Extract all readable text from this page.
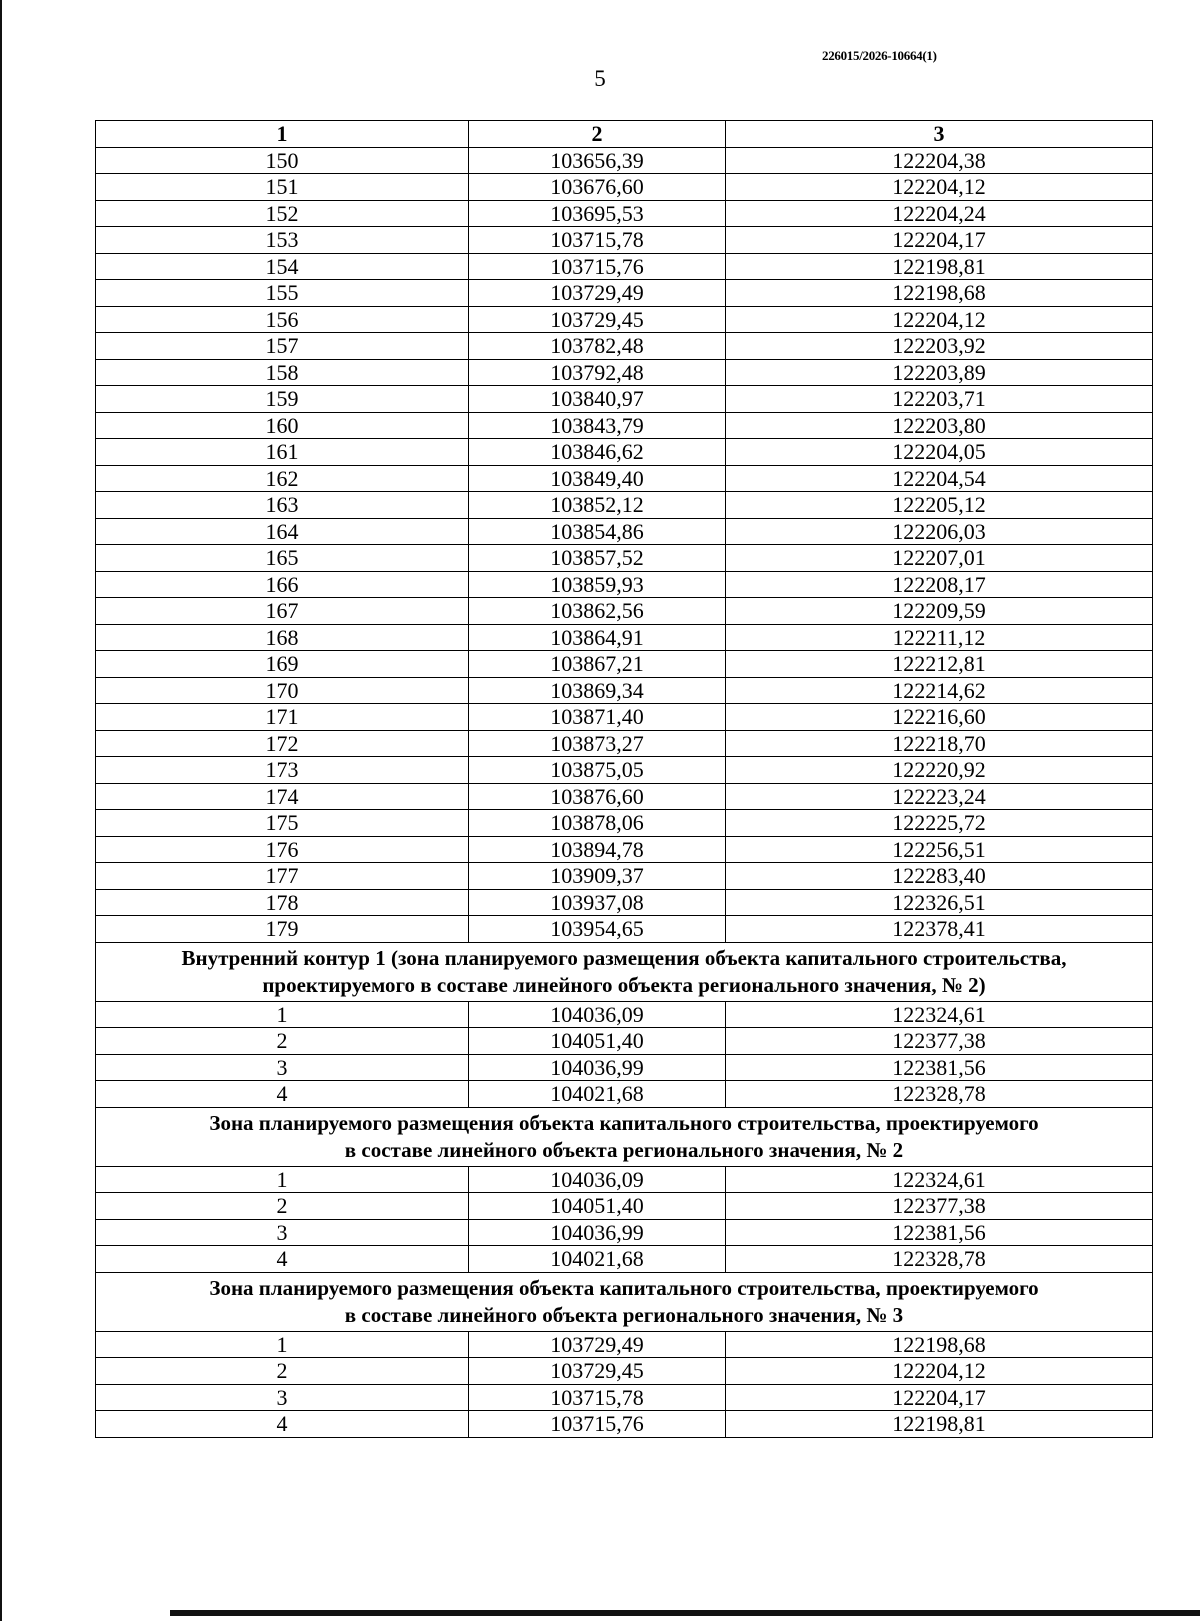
226015/2026-10664(1)
5
1	2	3
150	103656,39	122204,38
151	103676,60	122204,12
152	103695,53	122204,24
153	103715,78	122204,17
154	103715,76	122198,81
155	103729,49	122198,68
156	103729,45	122204,12
157	103782,48	122203,92
158	103792,48	122203,89
159	103840,97	122203,71
160	103843,79	122203,80
161	103846,62	122204,05
162	103849,40	122204,54
163	103852,12	122205,12
164	103854,86	122206,03
165	103857,52	122207,01
166	103859,93	122208,17
167	103862,56	122209,59
168	103864,91	122211,12
169	103867,21	122212,81
170	103869,34	122214,62
171	103871,40	122216,60
172	103873,27	122218,70
173	103875,05	122220,92
174	103876,60	122223,24
175	103878,06	122225,72
176	103894,78	122256,51
177	103909,37	122283,40
178	103937,08	122326,51
179	103954,65	122378,41

Внутренний контур 1 (зона планируемого размещения объекта капитального строительства,
проектируемого в составе линейного объекта регионального значения, № 2)		

1	104036,09	122324,61
2	104051,40	122377,38
3	104036,99	122381,56
4	104021,68	122328,78

Зона планируемого размещения объекта капитального строительства, проектируемого
в составе линейного объекта регионального значения, № 2		

1	104036,09	122324,61
2	104051,40	122377,38
3	104036,99	122381,56
4	104021,68	122328,78

Зона планируемого размещения объекта капитального строительства, проектируемого
в составе линейного объекта регионального значения, № 3		

1	103729,49	122198,68
2	103729,45	122204,12
3	103715,78	122204,17
4	103715,76	122198,81
